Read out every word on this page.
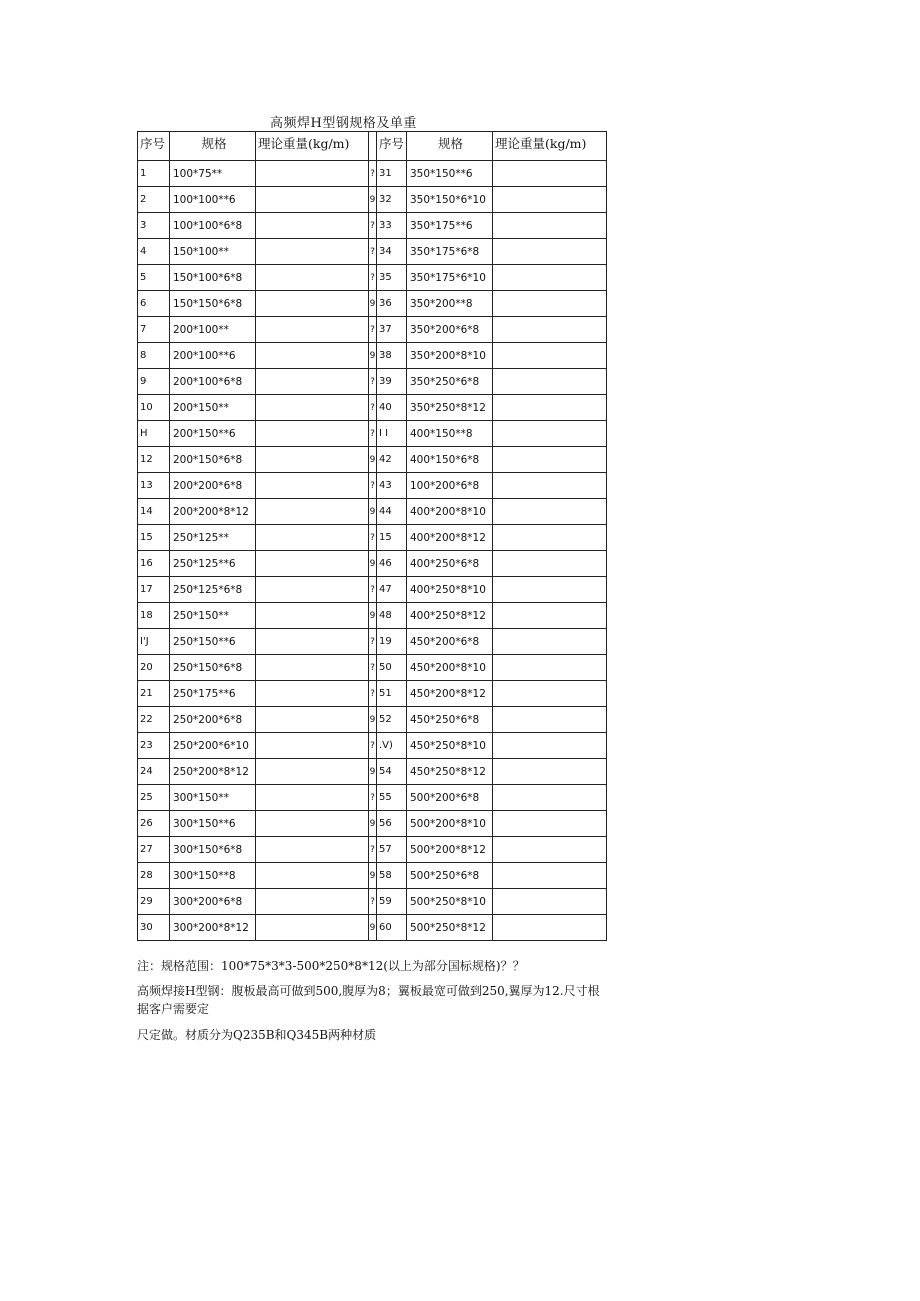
高频焊H型钢规格及单重
序号	规格	理论重量(kg/m)		序号	规格	理论重量(kg/m)
1	100*75**		?	31	350*150**6	
2	100*100**6		9	32	350*150*6*10	
3	100*100*6*8		?	33	350*175**6	
4	150*100**		?	34	350*175*6*8	
5	150*100*6*8		?	35	350*175*6*10	
6	150*150*6*8		9	36	350*200**8	
7	200*100**		?	37	350*200*6*8	
8	200*100**6		9	38	350*200*8*10	
9	200*100*6*8		?	39	350*250*6*8	
10	200*150**		?	40	350*250*8*12	
H	200*150**6		?	I I	400*150**8	
12	200*150*6*8		9	42	400*150*6*8	
13	200*200*6*8		?	43	100*200*6*8	
14	200*200*8*12		9	44	400*200*8*10	
15	250*125**		?	15	400*200*8*12	
16	250*125**6		9	46	400*250*6*8	
17	250*125*6*8		?	47	400*250*8*10	
18	250*150**		9	48	400*250*8*12	
I'J	250*150**6		?	19	450*200*6*8	
20	250*150*6*8		?	50	450*200*8*10	
21	250*175**6		?	51	450*200*8*12	
22	250*200*6*8		9	52	450*250*6*8	
23	250*200*6*10		?	.V)	450*250*8*10	
24	250*200*8*12		9	54	450*250*8*12	
25	300*150**		?	55	500*200*6*8	
26	300*150**6		9	56	500*200*8*10	
27	300*150*6*8		?	57	500*200*8*12	
28	300*150**8		9	58	500*250*6*8	
29	300*200*6*8		?	59	500*250*8*10	
30	300*200*8*12		9	60	500*250*8*12	
注：规格范围：100*75*3*3-500*250*8*12(以上为部分国标规格)？？
高频焊接H型钢：腹板最高可做到500,腹厚为8；翼板最宽可做到250,翼厚为12.尺寸根据客户需要定
尺定做。材质分为Q235B和Q345B两种材质
